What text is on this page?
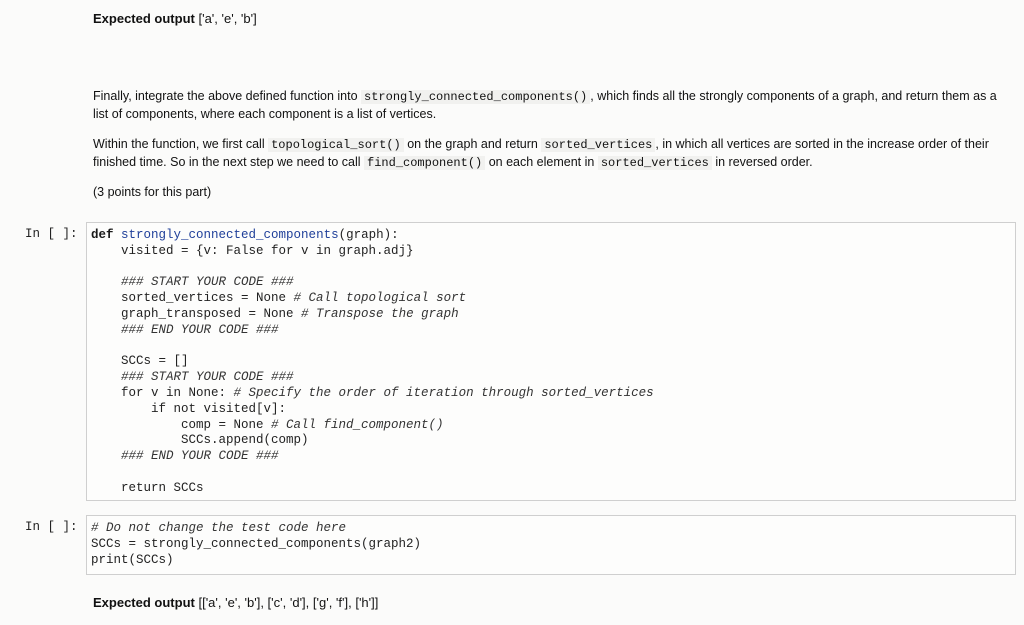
Expected output ['a', 'e', 'b']
Finally, integrate the above defined function into strongly_connected_components() , which finds all the strongly components of a graph, and return them as a list of components, where each component is a list of vertices.
Within the function, we first call topological_sort() on the graph and return sorted_vertices , in which all vertices are sorted in the increase order of their finished time. So in the next step we need to call find_component() on each element in sorted_vertices in reversed order.
(3 points for this part)
In [ ]: def strongly_connected_components(graph):
visited = {v: False for v in graph.adj}
### START YOUR CODE ###
sorted_vertices = None # Call topological sort
graph_transposed = None # Transpose the graph
### END YOUR CODE ###
SCCs = []
### START YOUR CODE ###
for v in None: # Specify the order of iteration through sorted_vertices
if not visited[v]:
comp = None # Call find_component()
SCCs.append(comp)
### END YOUR CODE ###
return SCCs
In [ ]: # Do not change the test code here
SCCs = strongly_connected_components(graph2)
print(SCCs)
Expected output [['a', 'e', 'b'], ['c', 'd'], ['g', 'f'], ['h']]
